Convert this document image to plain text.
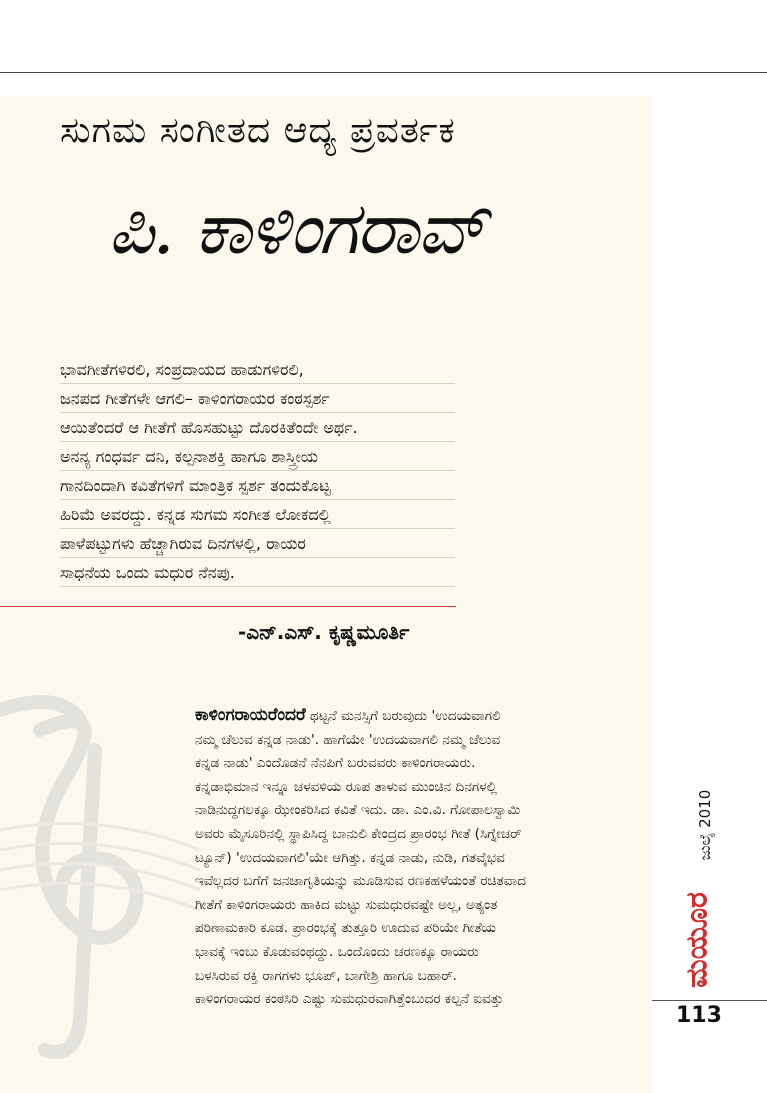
ಸುಗಮ ಸಂಗೀತದ ಆದ್ಯ ಪ್ರವರ್ತಕ
ಪಿ. ಕಾಳಿಂಗರಾವ್
ಭಾವಗೀತೆಗಳಿರಲಿ, ಸಂಪ್ರದಾಯದ ಹಾಡುಗಳಿರಲಿ,
ಜನಪದ ಗೀತೆಗಳೇ ಆಗಲಿ– ಕಾಳಿಂಗರಾಯರ ಕಂಠಸ್ಪರ್ಶ
ಆಯಿತೆಂದರೆ ಆ ಗೀತೆಗೆ ಹೊಸಹುಟ್ಟು ದೊರಕಿತೆಂದೇ ಅರ್ಥ.
ಅನನ್ಯ ಗಂಧರ್ವ ದನಿ, ಕಲ್ಪನಾಶಕ್ತಿ ಹಾಗೂ ಶಾಸ್ತ್ರೀಯ
ಗಾನದಿಂದಾಗಿ ಕವಿತೆಗಳಿಗೆ ಮಾಂತ್ರಿಕ ಸ್ಪರ್ಶ ತಂದುಕೊಟ್ಟ
ಹಿರಿಮೆ ಅವರದ್ದು. ಕನ್ನಡ ಸುಗಮ ಸಂಗೀತ ಲೋಕದಲ್ಲಿ
ಪಾಳೆಪಟ್ಟುಗಳು ಹೆಚ್ಚಾಗಿರುವ ದಿನಗಳಲ್ಲಿ, ರಾಯರ
ಸಾಧನೆಯ ಒಂದು ಮಧುರ ನೆನಪು.
-ಎನ್.ಎಸ್. ಕೃಷ್ಣಮೂರ್ತಿ
ಕಾಳಿಂಗರಾಯರೆಂದರೆ ಥಟ್ಟನೆ ಮನಸ್ಸಿಗೆ ಬರುವುದು 'ಉದಯವಾಗಲಿ
ನಮ್ಮ ಚೆಲುವ ಕನ್ನಡ ನಾಡು'. ಹಾಗೆಯೇ 'ಉದಯವಾಗಲಿ ನಮ್ಮ ಚೆಲುವ
ಕನ್ನಡ ನಾಡು' ಎಂದೊಡನೆ ನೆನಪಿಗೆ ಬರುವವರು ಕಾಳಿಂಗರಾಯರು.
ಕನ್ನಡಾಭಿಮಾನ ಇನ್ನೂ ಚಳವಳಿಯ ರೂಪ ತಾಳುವ ಮುಂಚಿನ ದಿನಗಳಲ್ಲಿ
ನಾಡಿನುದ್ದಗಲಕ್ಕೂ ಝೇಂಕರಿಸಿದ ಕವಿತೆ ಇದು. ಡಾ. ಎಂ.ವಿ. ಗೋಪಾಲಸ್ವಾಮಿ
ಅವರು ಮೈಸೂರಿನಲ್ಲಿ ಸ್ಥಾಪಿಸಿದ್ದ ಬಾನುಲಿ ಕೇಂದ್ರದ ಪ್ರಾರಂಭ ಗೀತೆ (ಸಿಗ್ನೇಚರ್
ಟ್ಯೂನ್) 'ಉದಯವಾಗಲಿ'ಯೇ ಆಗಿತ್ತು. ಕನ್ನಡ ನಾಡು, ನುಡಿ, ಗತವೈಭವ
ಇವೆಲ್ಲದರ ಬಗೆಗೆ ಜನಜಾಗೃತಿಯನ್ನು ಮೂಡಿಸುವ ರಣಕಹಳೆಯಂತೆ ರಚಿತವಾದ
ಗೀತೆಗೆ ಕಾಳಿಂಗರಾಯರು ಹಾಕಿದ ಮಟ್ಟು ಸುಮಧುರವಷ್ಟೇ ಅಲ್ಲ, ಅತ್ಯಂತ
ಪರಿಣಾಮಕಾರಿ ಕೂಡ. ಪ್ರಾರಂಭಕ್ಕೆ ತುತ್ತೂರಿ ಊದುವ ಪರಿಯೇ ಗೀತೆಯ
ಭಾವಕ್ಕೆ ಇಂಬು ಕೊಡುವಂಥದ್ದು. ಒಂದೊಂದು ಚರಣಕ್ಕೂ ರಾಯರು
ಬಳಸಿರುವ ರಕ್ತಿ ರಾಗಗಳು ಭೂಪ್, ಬಾಗೇಶ್ರಿ ಹಾಗೂ ಬಹಾರ್.
ಕಾಳಿಂಗರಾಯರ ಕಂಠಸಿರಿ ಎಷ್ಟು ಸುಮಧುರವಾಗಿತ್ತೆಂಬುದರ ಕಲ್ಪನೆ ಐವತ್ತು
ಜುಲೈ 2010
ಮಯೂರ
113
